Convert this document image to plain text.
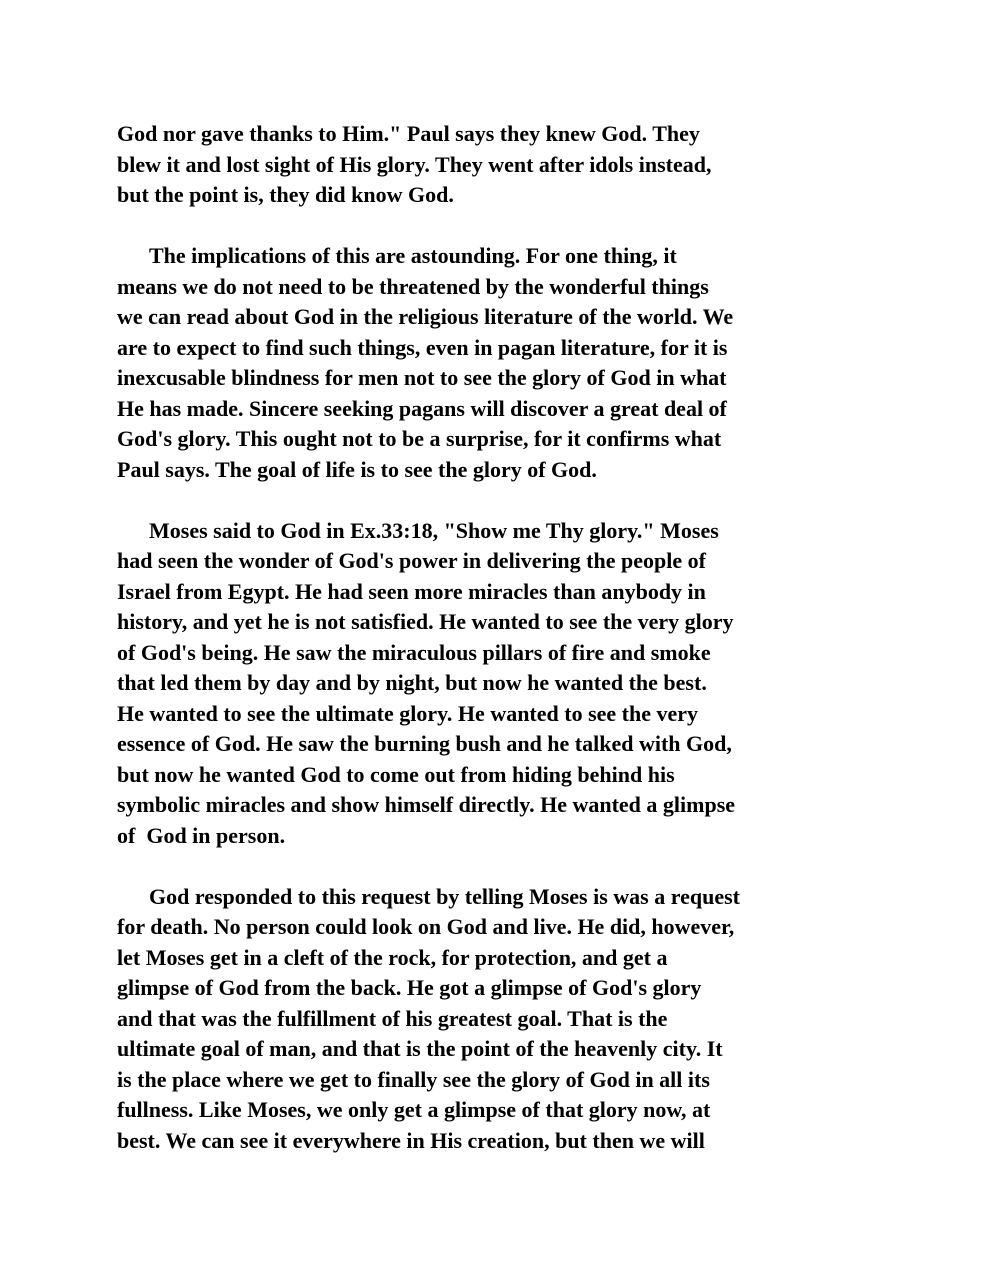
God nor gave thanks to Him." Paul says they knew God. They
blew it and lost sight of His glory. They went after idols instead,
but the point is, they did know God.
The implications of this are astounding. For one thing, it
means we do not need to be threatened by the wonderful things
we can read about God in the religious literature of the world. We
are to expect to find such things, even in pagan literature, for it is
inexcusable blindness for men not to see the glory of God in what
He has made. Sincere seeking pagans will discover a great deal of
God's glory. This ought not to be a surprise, for it confirms what
Paul says. The goal of life is to see the glory of God.
Moses said to God in Ex.33:18, "Show me Thy glory." Moses
had seen the wonder of God's power in delivering the people of
Israel from Egypt. He had seen more miracles than anybody in
history, and yet he is not satisfied. He wanted to see the very glory
of God's being. He saw the miraculous pillars of fire and smoke
that led them by day and by night, but now he wanted the best.
He wanted to see the ultimate glory. He wanted to see the very
essence of God. He saw the burning bush and he talked with God,
but now he wanted God to come out from hiding behind his
symbolic miracles and show himself directly. He wanted a glimpse
of  God in person.
God responded to this request by telling Moses is was a request
for death. No person could look on God and live. He did, however,
let Moses get in a cleft of the rock, for protection, and get a
glimpse of God from the back. He got a glimpse of God's glory
and that was the fulfillment of his greatest goal. That is the
ultimate goal of man, and that is the point of the heavenly city. It
is the place where we get to finally see the glory of God in all its
fullness. Like Moses, we only get a glimpse of that glory now, at
best. We can see it everywhere in His creation, but then we will
